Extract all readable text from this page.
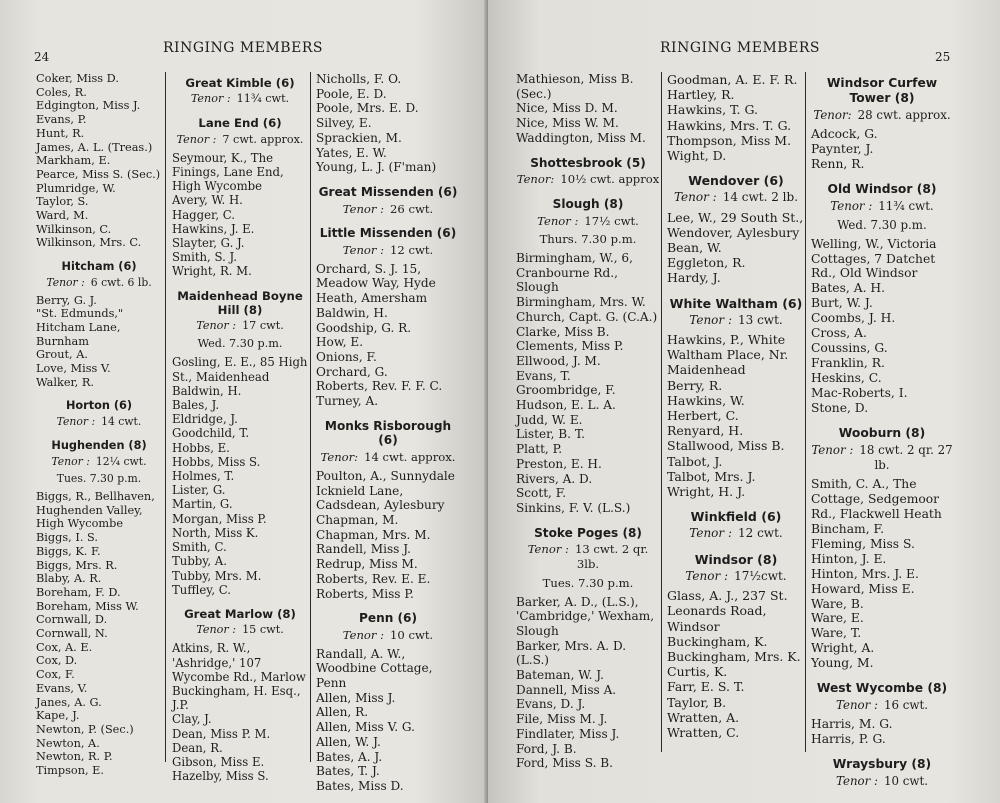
24
RINGING MEMBERS
Coker, Miss D.
Coles, R.
Edgington, Miss J.
Evans, P.
Hunt, R.
James, A. L. (Treas.)
Markham, E.
Pearce, Miss S. (Sec.)
Plumridge, W.
Taylor, S.
Ward, M.
Wilkinson, C.
Wilkinson, Mrs. C.
Hitcham (6)
Tenor : 6 cwt. 6 lb.
Berry, G. J.
"St. Edmunds," Hitcham Lane, Burnham
Grout, A.
Love, Miss V.
Walker, R.
Horton (6)
Tenor : 14 cwt.
Hughenden (8)
Tenor : 12¼ cwt.
Tues. 7.30 p.m.
Biggs, R., Bellhaven, Hughenden Valley, High Wycombe
Biggs, I. S.
Biggs, K. F.
Biggs, Mrs. R.
Blaby, A. R.
Boreham, F. D.
Boreham, Miss W.
Cornwall, D.
Cornwall, N.
Cox, A. E.
Cox, D.
Cox, F.
Evans, V.
Janes, A. G.
Kape, J.
Newton, P. (Sec.)
Newton, A.
Newton, R. P.
Timpson, E.
Great Kimble (6)
Tenor : 11¾ cwt.
Lane End (6)
Tenor : 7 cwt. approx.
Seymour, K., The Finings, Lane End, High Wycombe
Avery, W. H.
Hagger, C.
Hawkins, J. E.
Slayter, G. J.
Smith, S. J.
Wright, R. M.
Maidenhead Boyne Hill (8)
Tenor : 17 cwt.
Wed. 7.30 p.m.
Gosling, E. E., 85 High St., Maidenhead
Baldwin, H.
Bales, J.
Eldridge, J.
Goodchild, T.
Hobbs, E.
Hobbs, Miss S.
Holmes, T.
Lister, G.
Martin, G.
Morgan, Miss P.
North, Miss K.
Smith, C.
Tubby, A.
Tubby, Mrs. M.
Tuffley, C.
Great Marlow (8)
Tenor : 15 cwt.
Atkins, R. W., 'Ashridge,' 107 Wycombe Rd., Marlow
Buckingham, H. Esq., J.P.
Clay, J.
Dean, Miss P. M.
Dean, R.
Gibson, Miss E.
Hazelby, Miss S.
Nicholls, F. O.
Poole, E. D.
Poole, Mrs. E. D.
Silvey, E.
Sprackien, M.
Yates, E. W.
Young, L. J. (F'man)
Great Missenden (6)
Tenor : 26 cwt.
Little Missenden (6)
Tenor : 12 cwt.
Orchard, S. J. 15, Meadow Way, Hyde Heath, Amersham
Baldwin, H.
Goodship, G. R.
How, E.
Onions, F.
Orchard, G.
Roberts, Rev. F. F. C.
Turney, A.
Monks Risborough (6)
Tenor: 14 cwt. approx.
Poulton, A., Sunnydale Icknield Lane, Cadsdean, Aylesbury
Chapman, M.
Chapman, Mrs. M.
Randell, Miss J.
Redrup, Miss M.
Roberts, Rev. E. E.
Roberts, Miss P.
Penn (6)
Tenor : 10 cwt.
Randall, A. W., Woodbine Cottage, Penn
Allen, Miss J.
Allen, R.
Allen, Miss V. G.
Allen, W. J.
Bates, A. J.
Bates, T. J.
Bates, Miss D.
RINGING MEMBERS
25
Mathieson, Miss B. (Sec.)
Nice, Miss D. M.
Nice, Miss W. M.
Waddington, Miss M.
Shottesbrook (5)
Tenor: 10½ cwt. approx
Slough (8)
Tenor : 17½ cwt.
Thurs. 7.30 p.m.
Birmingham, W., 6, Cranbourne Rd., Slough
Birmingham, Mrs. W.
Church, Capt. G. (C.A.)
Clarke, Miss B.
Clements, Miss P.
Ellwood, J. M.
Evans, T.
Groombridge, F.
Hudson, E. L. A.
Judd, W. E.
Lister, B. T.
Platt, P.
Preston, E. H.
Rivers, A. D.
Scott, F.
Sinkins, F. V. (L.S.)
Stoke Poges (8)
Tenor : 13 cwt. 2 qr. 3lb.
Tues. 7.30 p.m.
Barker, A. D., (L.S.), 'Cambridge,' Wexham, Slough
Barker, Mrs. A. D. (L.S.)
Bateman, W. J.
Dannell, Miss A.
Evans, D. J.
File, Miss M. J.
Findlater, Miss J.
Ford, J. B.
Ford, Miss S. B.
Goodman, A. E. F. R.
Hartley, R.
Hawkins, T. G.
Hawkins, Mrs. T. G.
Thompson, Miss M.
Wight, D.
Wendover (6)
Tenor : 14 cwt. 2 lb.
Lee, W., 29 South St., Wendover, Aylesbury
Bean, W.
Eggleton, R.
Hardy, J.
White Waltham (6)
Tenor : 13 cwt.
Hawkins, P., White Waltham Place, Nr. Maidenhead
Berry, R.
Hawkins, W.
Herbert, C.
Renyard, H.
Stallwood, Miss B.
Talbot, J.
Talbot, Mrs. J.
Wright, H. J.
Winkfield (6)
Tenor : 12 cwt.
Windsor (8)
Tenor : 17½cwt.
Glass, A. J., 237 St. Leonards Road, Windsor
Buckingham, K.
Buckingham, Mrs. K.
Curtis, K.
Farr, E. S. T.
Taylor, B.
Wratten, A.
Wratten, C.
Windsor Curfew Tower (8)
Tenor: 28 cwt. approx.
Adcock, G.
Paynter, J.
Renn, R.
Old Windsor (8)
Tenor : 11¾ cwt.
Wed. 7.30 p.m.
Welling, W., Victoria Cottages, 7 Datchet Rd., Old Windsor
Bates, A. H.
Burt, W. J.
Coombs, J. H.
Cross, A.
Coussins, G.
Franklin, R.
Heskins, C.
Mac-Roberts, I.
Stone, D.
Wooburn (8)
Tenor : 18 cwt. 2 qr. 27 lb.
Smith, C. A., The Cottage, Sedgemoor Rd., Flackwell Heath
Bincham, F.
Fleming, Miss S.
Hinton, J. E.
Hinton, Mrs. J. E.
Howard, Miss E.
Ware, B.
Ware, E.
Ware, T.
Wright, A.
Young, M.
West Wycombe (8)
Tenor : 16 cwt.
Harris, M. G.
Harris, P. G.
Wraysbury (8)
Tenor : 10 cwt.
